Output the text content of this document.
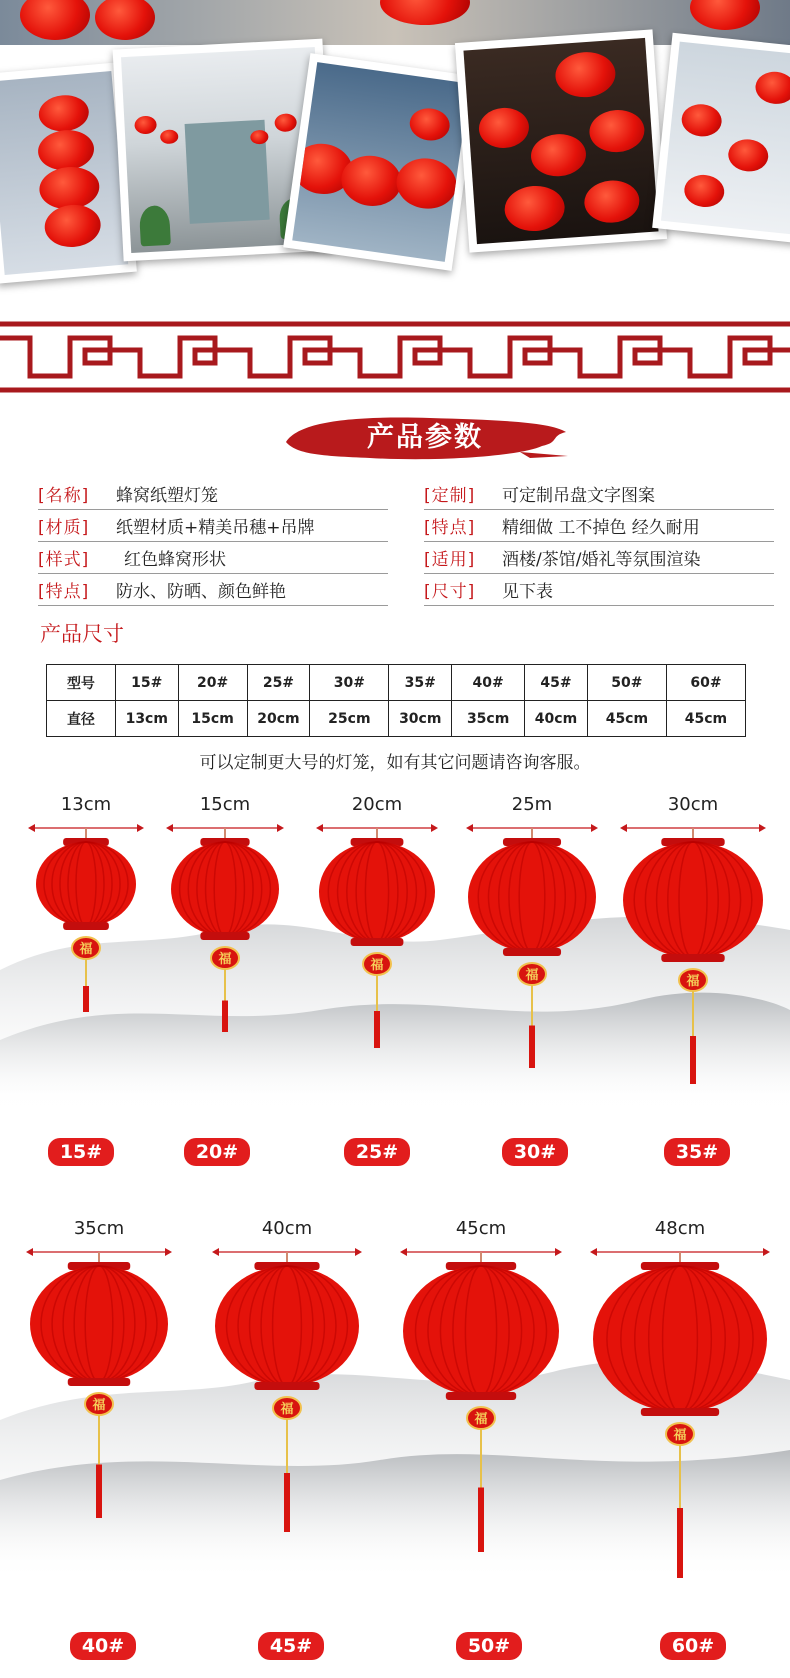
产品参数
[名称]	蜂窝纸塑灯笼
[材质]	纸塑材质+精美吊穗+吊牌
[样式]	红色蜂窝形状
[特点]	防水、防晒、颜色鲜艳
[定制]	可定制吊盘文字图案
[特点]	精细做 工不掉色 经久耐用
[适用]	酒楼/茶馆/婚礼等氛围渲染
[尺寸]	见下表
产品尺寸
型号	15#	20#	25#	30#	35#	40#	45#	50#	60#
直径	13cm	15cm	20cm	25cm	30cm	35cm	40cm	45cm	45cm
可以定制更大号的灯笼，如有其它问题请咨询客服。
13cm
福
15#
15cm
福
20#
20cm
福
25#
25m
福
30#
30cm
福
35#
35cm
福
40#
40cm
福
45#
45cm
福
50#
48cm
福
60#
